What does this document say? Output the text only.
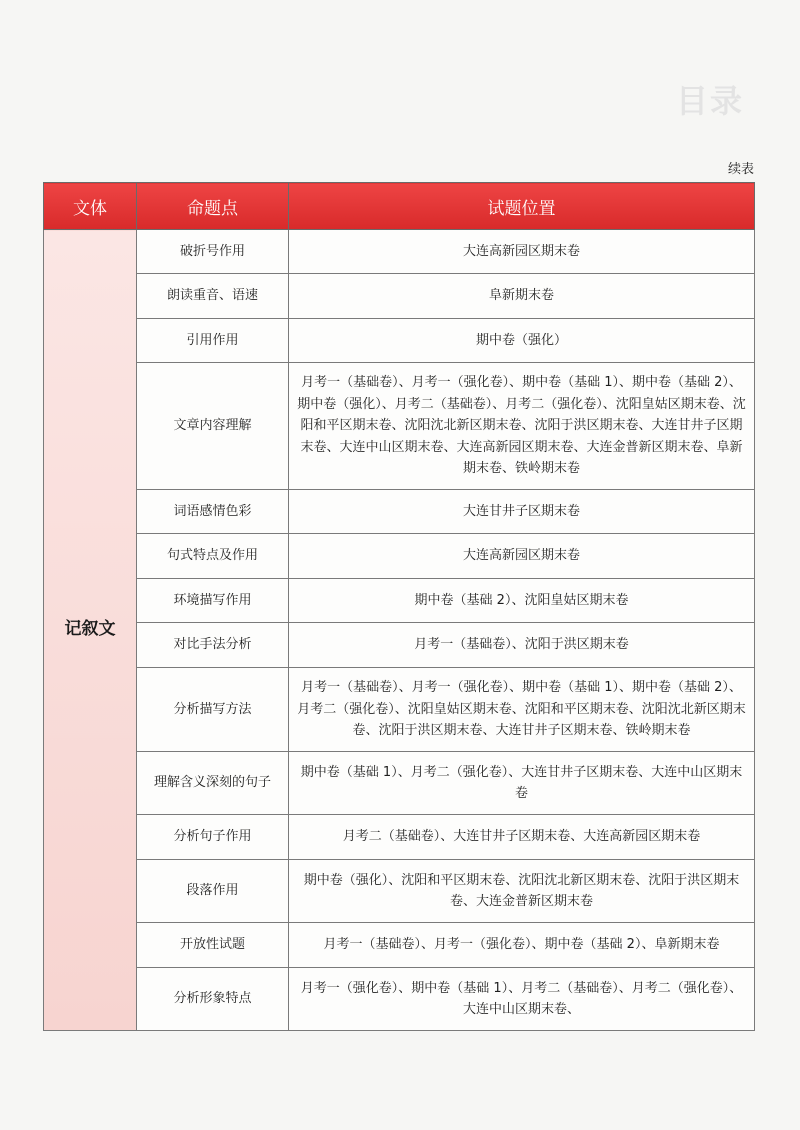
目录
续表
文体	命题点	试题位置
记叙文	破折号作用	大连高新园区期末卷
	朗读重音、语速	阜新期末卷
	引用作用	期中卷（强化）
	文章内容理解	月考一（基础卷）、月考一（强化卷）、期中卷（基础 1）、期中卷（基础 2）、期中卷（强化）、月考二（基础卷）、月考二（强化卷）、沈阳皇姑区期末卷、沈阳和平区期末卷、沈阳沈北新区期末卷、沈阳于洪区期末卷、大连甘井子区期末卷、大连中山区期末卷、大连高新园区期末卷、大连金普新区期末卷、阜新期末卷、铁岭期末卷
	词语感情色彩	大连甘井子区期末卷
	句式特点及作用	大连高新园区期末卷
	环境描写作用	期中卷（基础 2）、沈阳皇姑区期末卷
	对比手法分析	月考一（基础卷）、沈阳于洪区期末卷
	分析描写方法	月考一（基础卷）、月考一（强化卷）、期中卷（基础 1）、期中卷（基础 2）、月考二（强化卷）、沈阳皇姑区期末卷、沈阳和平区期末卷、沈阳沈北新区期末卷、沈阳于洪区期末卷、大连甘井子区期末卷、铁岭期末卷
	理解含义深刻的句子	期中卷（基础 1）、月考二（强化卷）、大连甘井子区期末卷、大连中山区期末卷
	分析句子作用	月考二（基础卷）、大连甘井子区期末卷、大连高新园区期末卷
	段落作用	期中卷（强化）、沈阳和平区期末卷、沈阳沈北新区期末卷、沈阳于洪区期末卷、大连金普新区期末卷
	开放性试题	月考一（基础卷）、月考一（强化卷）、期中卷（基础 2）、阜新期末卷
	分析形象特点	月考一（强化卷）、期中卷（基础 1）、月考二（基础卷）、月考二（强化卷）、大连中山区期末卷、
